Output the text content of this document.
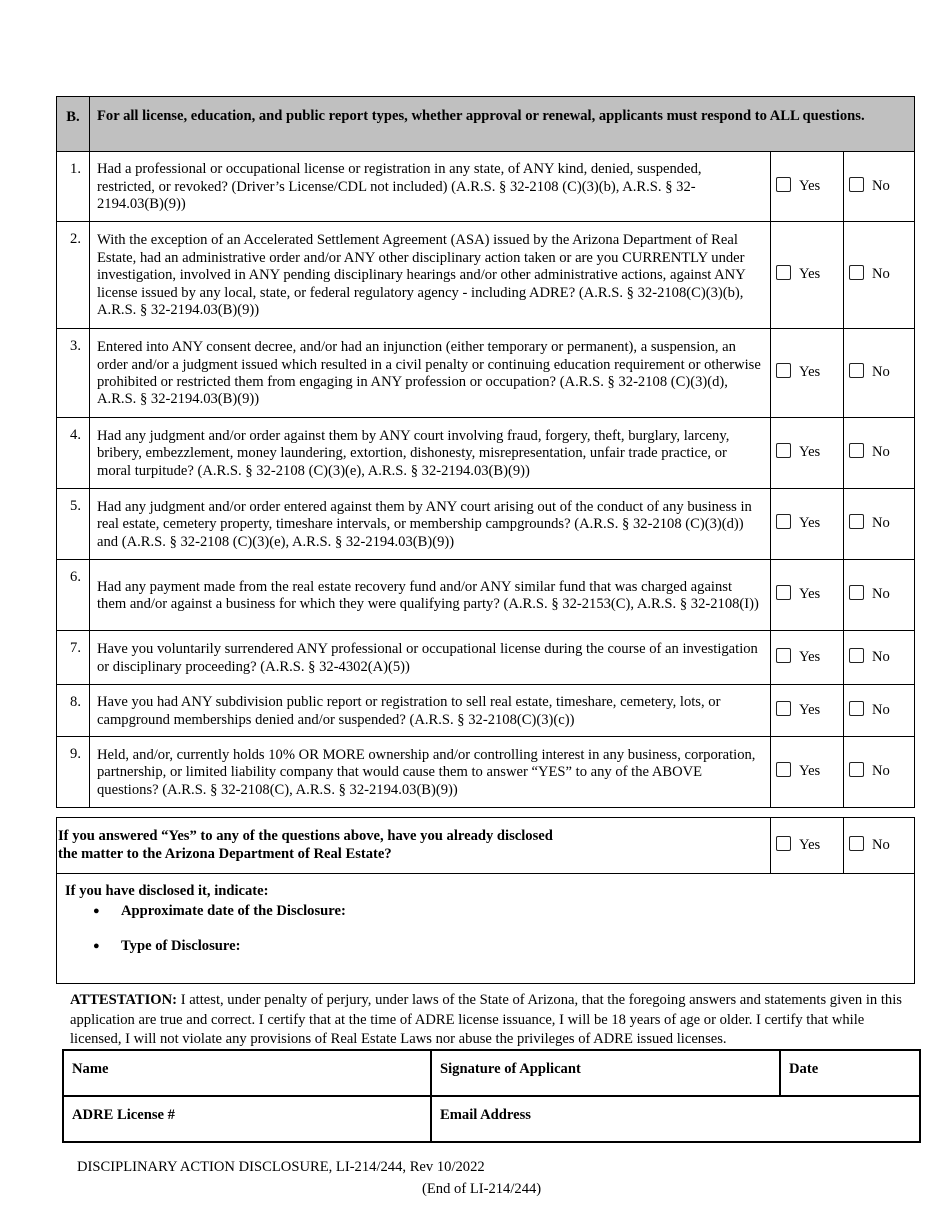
B.	For all license, education, and public report types, whether approval or renewal, applicants must respond to ALL questions.		
1.	Had a professional or occupational license or registration in any state, of ANY kind, denied, suspended, restricted, or revoked? (Driver’s License/CDL not included) (A.R.S. § 32-2108 (C)(3)(b), A.R.S. § 32-2194.03(B)(9))	Yes	No
2.	With the exception of an Accelerated Settlement Agreement (ASA) issued by the Arizona Department of Real Estate, had an administrative order and/or ANY other disciplinary action taken or are you CURRENTLY under investigation, involved in ANY pending disciplinary hearings and/or other administrative actions, against ANY license issued by any local, state, or federal regulatory agency - including ADRE? (A.R.S. § 32-2108(C)(3)(b), A.R.S. § 32-2194.03(B)(9))	Yes	No
3.	Entered into ANY consent decree, and/or had an injunction (either temporary or permanent), a suspension, an order and/or a judgment issued which resulted in a civil penalty or continuing education requirement or otherwise prohibited or restricted them from engaging in ANY profession or occupation? (A.R.S. § 32-2108 (C)(3)(d), A.R.S. § 32-2194.03(B)(9))	Yes	No
4.	Had any judgment and/or order against them by ANY court involving fraud, forgery, theft, burglary, larceny, bribery, embezzlement, money laundering, extortion, dishonesty, misrepresentation, unfair trade practice, or moral turpitude? (A.R.S. § 32-2108 (C)(3)(e), A.R.S. § 32-2194.03(B)(9))	Yes	No
5.	Had any judgment and/or order entered against them by ANY court arising out of the conduct of any business in real estate, cemetery property, timeshare intervals, or membership campgrounds? (A.R.S. § 32-2108 (C)(3)(d)) and (A.R.S. § 32-2108 (C)(3)(e), A.R.S. § 32-2194.03(B)(9))	Yes	No
6.	Had any payment made from the real estate recovery fund and/or ANY similar fund that was charged against them and/or against a business for which they were qualifying party? (A.R.S. § 32-2153(C), A.R.S. § 32-2108(I))	Yes	No
7.	Have you voluntarily surrendered ANY professional or occupational license during the course of an investigation or disciplinary proceeding? (A.R.S. § 32-4302(A)(5))	Yes	No
8.	Have you had ANY subdivision public report or registration to sell real estate, timeshare, cemetery, lots, or campground memberships denied and/or suspended? (A.R.S. § 32-2108(C)(3)(c))	Yes	No
9.	Held, and/or, currently holds 10% OR MORE ownership and/or controlling interest in any business, corporation, partnership, or limited liability company that would cause them to answer “YES” to any of the ABOVE questions? (A.R.S. § 32-2108(C), A.R.S. § 32-2194.03(B)(9))	Yes	No
If you answered “Yes” to any of the questions above, have you already disclosed
the matter to the Arizona Department of Real Estate?
	Yes	No

If you have disclosed it, indicate:
● Approximate date of the Disclosure:
● Type of Disclosure:
ATTESTATION: I attest, under penalty of perjury, under laws of the State of Arizona, that the foregoing answers and statements given in this application are true and correct. I certify that at the time of ADRE license issuance, I will be 18 years of age or older. I certify that while licensed, I will not violate any provisions of Real Estate Laws nor abuse the privileges of ADRE issued licenses.
Name	Signature of Applicant	Date
ADRE License #	Email Address	
DISCIPLINARY ACTION DISCLOSURE, LI-214/244, Rev 10/2022
(End of LI-214/244)
